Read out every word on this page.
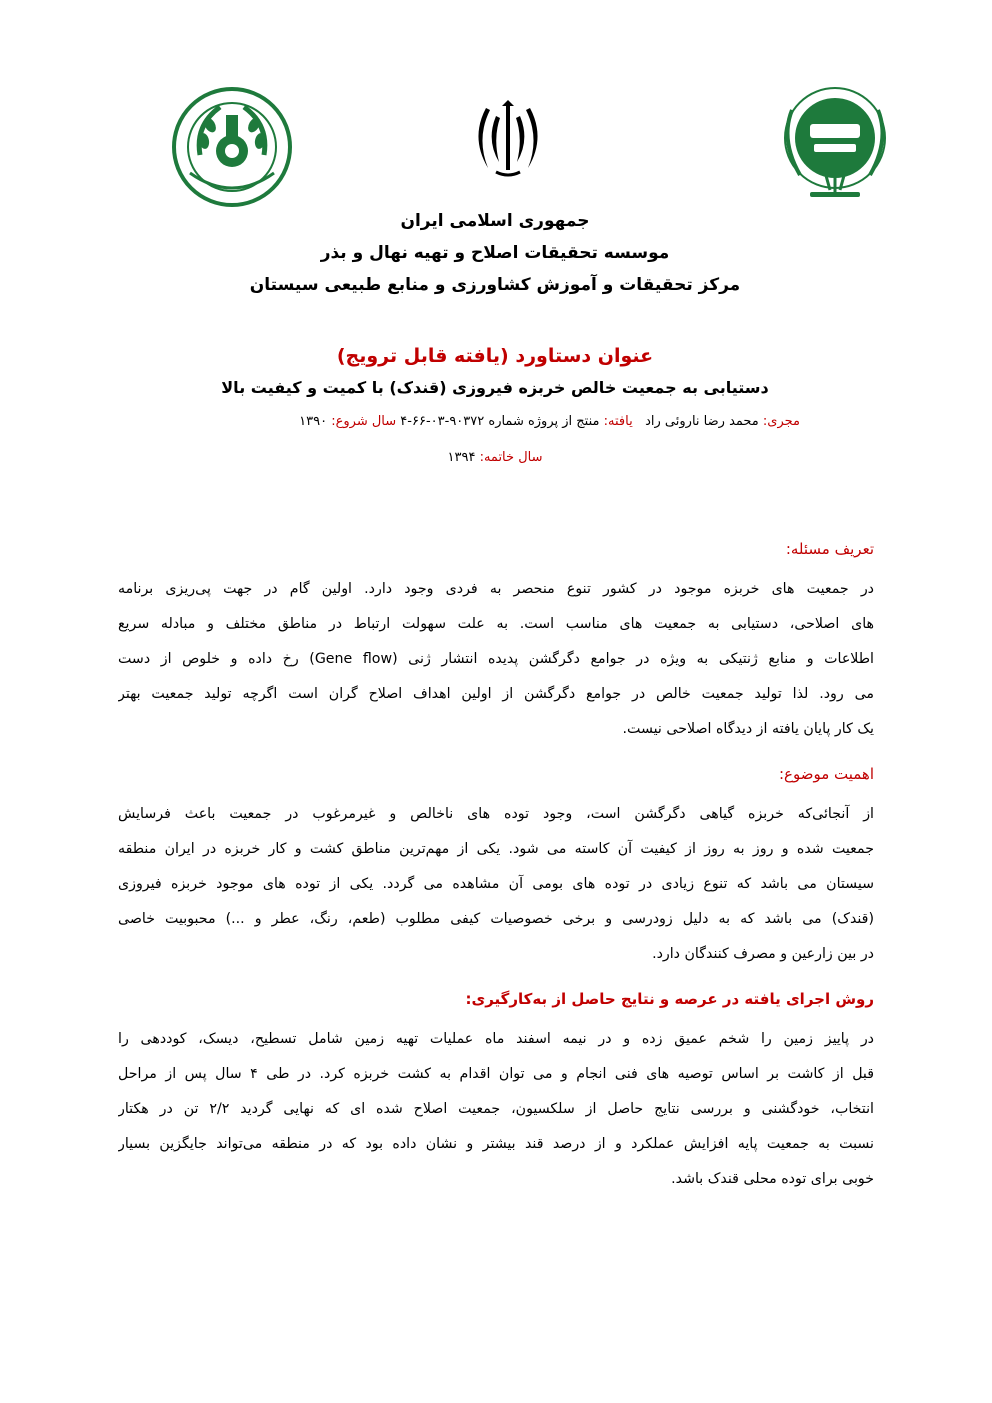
جمهوری اسلامی ایران
موسسه تحقیقات اصلاح و تهیه نهال و بذر
مرکز تحقیقات و آموزش کشاورزی و منابع طبیعی سیستان
عنوان دستاورد (یافته قابل ترویج)
دستیابی به جمعیت خالص خربزه فیروزی (قندک) با کمیت و کیفیت بالا
مجری: محمد رضا ناروئی راد   یافته: منتج از پروژه شماره ۹۰۳۷۲-۰۳-۶۶-۴ سال شروع: ۱۳۹۰
سال خاتمه: ۱۳۹۴
تعریف مسئله:
در جمعیت های خربزه موجود در کشور تنوع منحصر به فردی وجود دارد. اولین گام در جهت پی‌ریزی برنامه
های اصلاحی، دستیابی به جمعیت های مناسب است. به علت سهولت ارتباط در مناطق مختلف و مبادله سریع
اطلاعات و منابع ژنتیکی به ویژه در جوامع دگرگشن پدیده انتشار ژنی (Gene flow) رخ داده و خلوص از دست
می رود. لذا تولید جمعیت خالص در جوامع دگرگشن از اولین اهداف اصلاح گران است اگرچه تولید جمعیت بهتر
یک کار پایان یافته از دیدگاه اصلاحی نیست.
اهمیت موضوع:
از آنجائی‌که خربزه گیاهی دگرگشن است، وجود توده های ناخالص و غیرمرغوب در جمعیت باعث فرسایش
جمعیت شده و روز به روز از کیفیت آن کاسته می شود. یکی از مهم‌ترین مناطق کشت و کار خربزه در ایران منطقه
سیستان می باشد که تنوع زیادی در توده های بومی آن مشاهده می گردد. یکی از توده های موجود خربزه فیروزی
(قندک) می باشد که به دلیل زودرسی و برخی خصوصیات کیفی مطلوب (طعم، رنگ، عطر و ...) محبوبیت خاصی
در بین زارعین و مصرف کنندگان دارد.
روش اجرای یافته در عرصه و نتایج حاصل از به‌کارگیری:
در پاییز زمین را شخم عمیق زده و در نیمه اسفند ماه عملیات تهیه زمین شامل تسطیح، دیسک، کوددهی را
قبل از کاشت بر اساس توصیه های فنی انجام و می توان اقدام به کشت خربزه کرد. در طی ۴ سال پس از مراحل
انتخاب، خودگشنی و بررسی نتایج حاصل از سلکسیون، جمعیت اصلاح شده ای که نهایی گردید ۲/۲ تن در هکتار
نسبت به جمعیت پایه افزایش عملکرد و از درصد قند بیشتر و نشان داده بود که در منطقه می‌تواند جایگزین بسیار
خوبی برای توده محلی قندک باشد.
